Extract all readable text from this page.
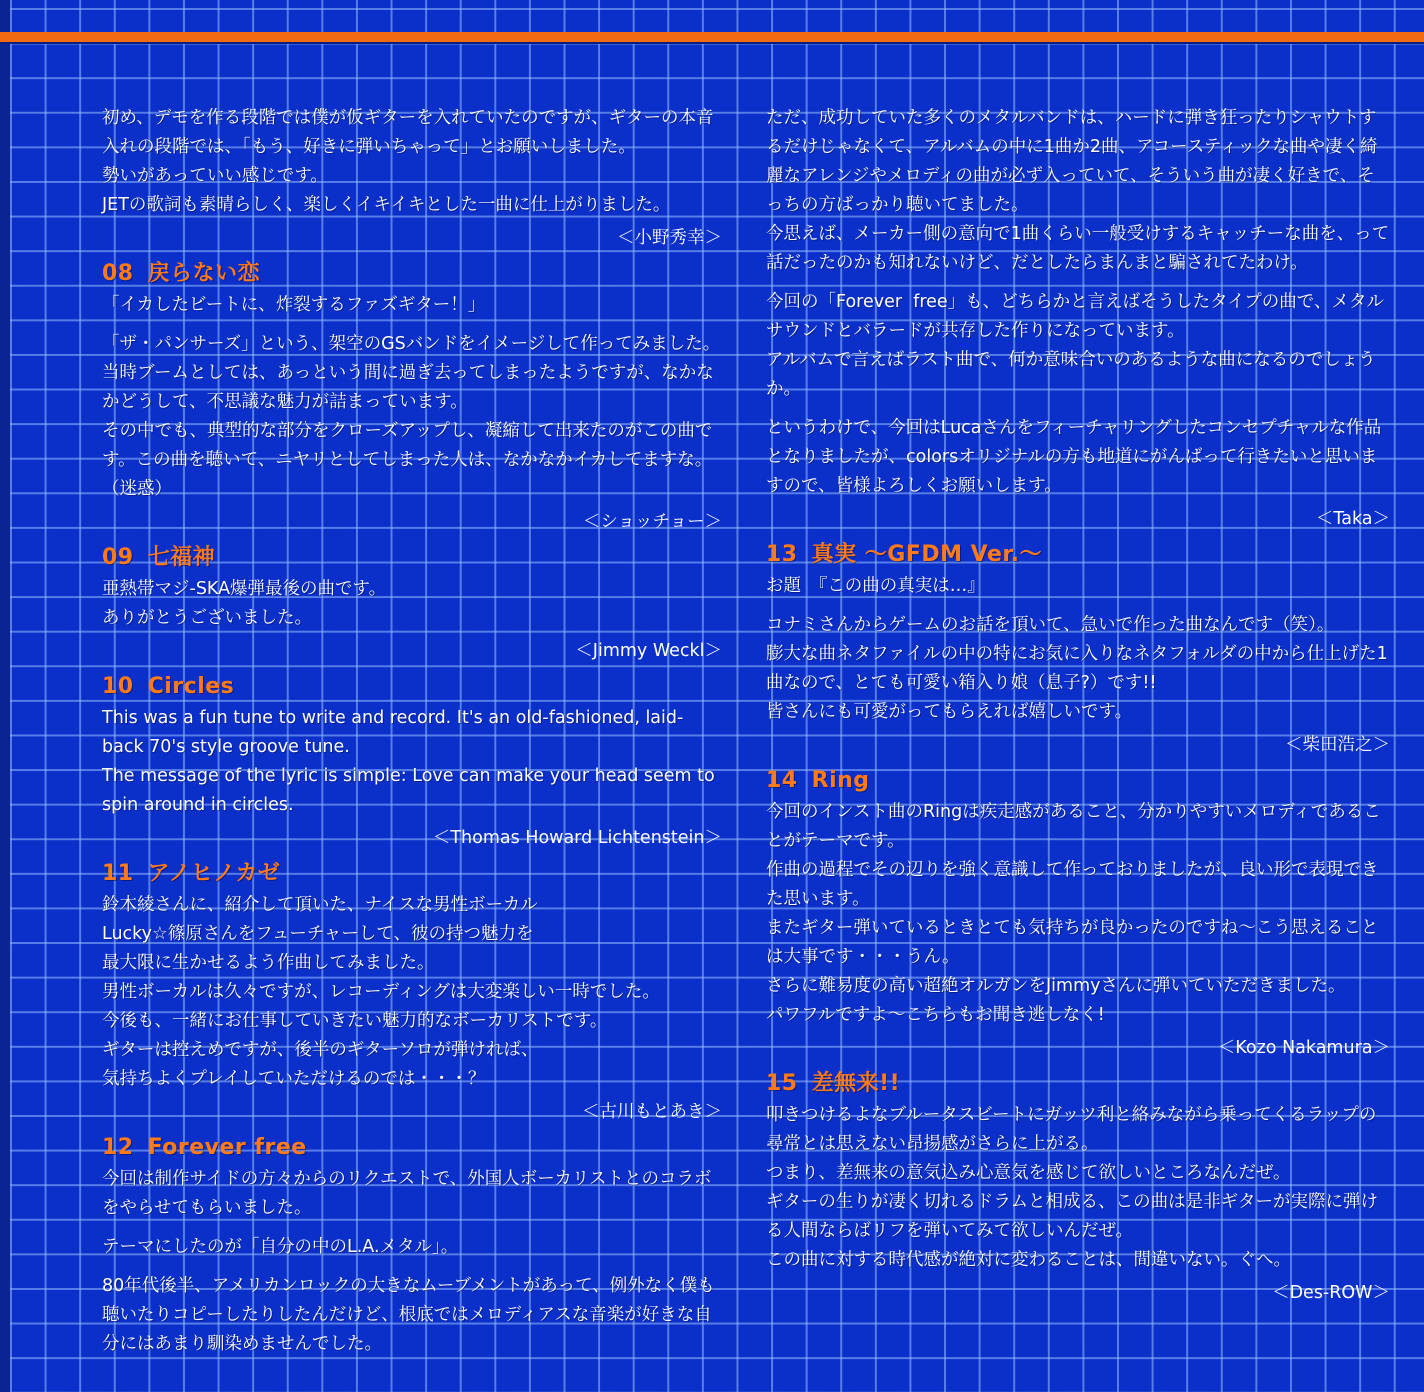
初め、デモを作る段階では僕が仮ギターを入れていたのですが、ギターの本音入れの段階では、「もう、好きに弾いちゃって」とお願いしました。
勢いがあっていい感じです。
JETの歌詞も素晴らしく、楽しくイキイキとした一曲に仕上がりました。

＜小野秀幸＞
08 戻らない恋

「イカしたビートに、炸裂するファズギター！」

「ザ・パンサーズ」という、架空のGSバンドをイメージして作ってみました。
当時ブームとしては、あっという間に過ぎ去ってしまったようですが、なかなかどうして、不思議な魅力が詰まっています。
その中でも、典型的な部分をクローズアップし、凝縮して出来たのがこの曲です。この曲を聴いて、ニヤリとしてしまった人は、なかなかイカしてますな。（迷惑）

＜ショッチョー＞
09 七福神

亜熱帯マジ-SKA爆弾最後の曲です。
ありがとうございました。

＜Jimmy Weckl＞
10 Circles

This was a fun tune to write and record. It's an old-fashioned, laid-back 70's style groove tune.
The message of the lyric is simple: Love can make your head seem to spin around in circles.

＜Thomas Howard Lichtenstein＞
11 アノヒノカゼ

鈴木綾さんに、紹介して頂いた、ナイスな男性ボーカル
Lucky☆篠原さんをフューチャーして、彼の持つ魅力を
最大限に生かせるよう作曲してみました。
男性ボーカルは久々ですが、レコーディングは大変楽しい一時でした。
今後も、一緒にお仕事していきたい魅力的なボーカリストです。
ギターは控えめですが、後半のギターソロが弾ければ、
気持ちよくプレイしていただけるのでは・・・？

＜古川もとあき＞
12 Forever free

今回は制作サイドの方々からのリクエストで、外国人ボーカリストとのコラボをやらせてもらいました。

テーマにしたのが「自分の中のL.A.メタル」。

80年代後半、アメリカンロックの大きなムーブメントがあって、例外なく僕も聴いたりコピーしたりしたんだけど、根底ではメロディアスな音楽が好きな自分にはあまり馴染めませんでした。

ただ、成功していた多くのメタルバンドは、ハードに弾き狂ったりシャウトするだけじゃなくて、アルバムの中に1曲か2曲、アコースティックな曲や凄く綺麗なアレンジやメロディの曲が必ず入っていて、そういう曲が凄く好きで、そっちの方ばっかり聴いてました。
今思えば、メーカー側の意向で1曲くらい一般受けするキャッチーな曲を、って話だったのかも知れないけど、だとしたらまんまと騙されてたわけ。

今回の「Forever  free」も、どちらかと言えばそうしたタイプの曲で、メタルサウンドとバラードが共存した作りになっています。
アルバムで言えばラスト曲で、何か意味合いのあるような曲になるのでしょうか。

というわけで、今回はLucaさんをフィーチャリングしたコンセプチャルな作品となりましたが、colorsオリジナルの方も地道にがんばって行きたいと思いますので、皆様よろしくお願いします。

＜Taka＞
13 真実 〜GFDM Ver.〜

お題　『この曲の真実は…』

コナミさんからゲームのお話を頂いて、急いで作った曲なんです（笑）。
膨大な曲ネタファイルの中の特にお気に入りなネタフォルダの中から仕上げた1曲なので、とても可愛い箱入り娘（息子?）です!!
皆さんにも可愛がってもらえれば嬉しいです。

＜柴田浩之＞
14 Ring

今回のインスト曲のRingは疾走感があること、分かりやすいメロディであることがテーマです。
作曲の過程でその辺りを強く意識して作っておりましたが、良い形で表現できた思います。
またギター弾いているときとても気持ちが良かったのですね〜こう思えることは大事です・・・うん。
さらに難易度の高い超絶オルガンをJimmyさんに弾いていただきました。
パワフルですよ〜こちらもお聞き逃しなく!

＜Kozo Nakamura＞
15 差無来!!

叩きつけるよなブルータスビートにガッツ利と絡みながら乗ってくるラップの尋常とは思えない昂揚感がさらに上がる。
つまり、差無来の意気込み心意気を感じて欲しいところなんだぜ。
ギターの生りが凄く切れるドラムと相成る、この曲は是非ギターが実際に弾ける人間ならばリフを弾いてみて欲しいんだぜ。
この曲に対する時代感が絶対に変わることは、間違いない。ぐへ。

＜Des-ROW＞
